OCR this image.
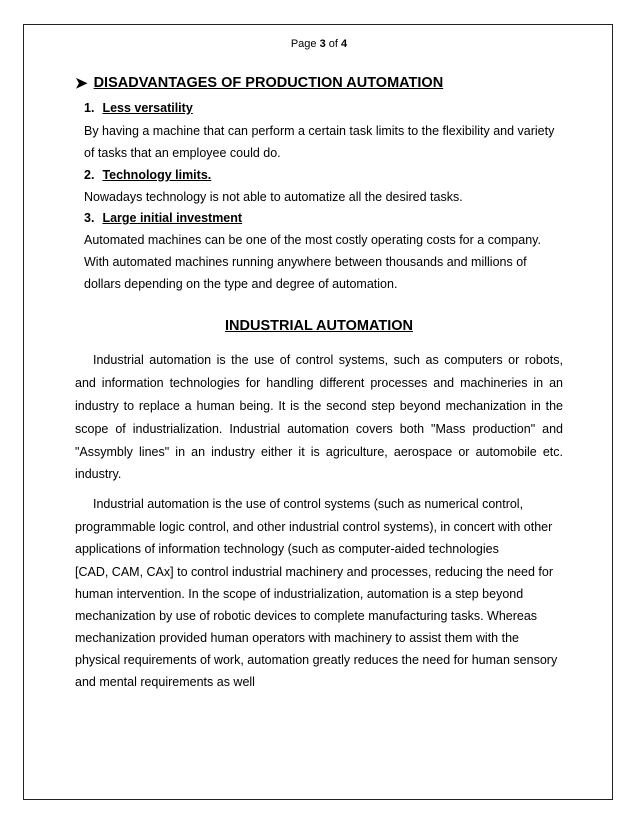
Page 3 of 4
➤ DISADVANTAGES OF PRODUCTION AUTOMATION
1. Less versatility
By having a machine that can perform a certain task limits to the flexibility and variety
of tasks that an employee could do.
2. Technology limits.
Nowadays technology is not able to automatize all the desired tasks.
3. Large initial investment
Automated machines can be one of the most costly operating costs for a company.
With automated machines running anywhere between thousands and millions of
dollars depending on the type and degree of automation.
INDUSTRIAL AUTOMATION
Industrial automation is the use of control systems, such as computers or robots,
and information technologies for handling different processes and machineries in an
industry to replace a human being. It is the second step beyond mechanization in the
scope of industrialization. Industrial automation covers both "Mass production" and
"Assymbly lines" in an industry either it is agriculture, aerospace or automobile etc.
industry.
Industrial automation is the use of control systems (such as numerical control,
programmable logic control, and other industrial control systems), in concert with other
applications of information technology (such as computer-aided technologies
[CAD, CAM, CAx] to control industrial machinery and processes, reducing the need for
human intervention. In the scope of industrialization, automation is a step beyond
mechanization by use of robotic devices to complete manufacturing tasks. Whereas
mechanization provided human operators with machinery to assist them with the
physical requirements of work, automation greatly reduces the need for human sensory
and mental requirements as well
